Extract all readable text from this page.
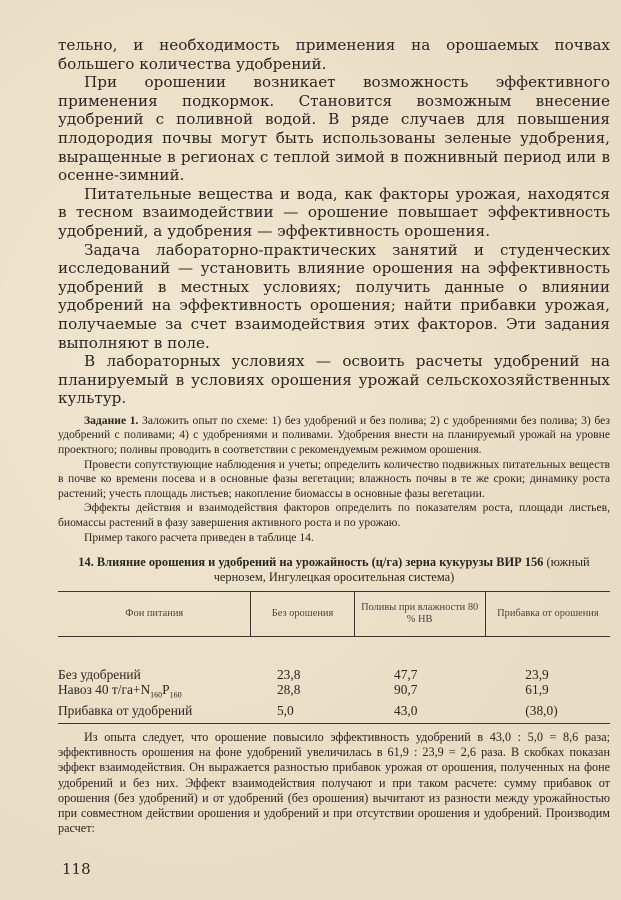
тельно, и необходимость применения на орошаемых почвах большего количества удобрений.

При орошении возникает возможность эффективного применения подкормок. Становится возможным внесение удобрений с поливной водой. В ряде случаев для повышения плодородия почвы могут быть использованы зеленые удобрения, выращенные в регионах с теплой зимой в пожнивный период или в осенне-зимний.

Питательные вещества и вода, как факторы урожая, находятся в тесном взаимодействии — орошение повышает эффективность удобрений, а удобрения — эффективность орошения.

Задача лабораторно-практических занятий и студенческих исследований — установить влияние орошения на эффективность удобрений в местных условиях; получить данные о влиянии удобрений на эффективность орошения; найти прибавки урожая, получаемые за счет взаимодействия этих факторов. Эти задания выполняют в поле.

В лабораторных условиях — освоить расчеты удобрений на планируемый в условиях орошения урожай сельскохозяйственных культур.

Задание 1. Заложить опыт по схеме: 1) без удобрений и без полива; 2) с удобрениями без полива; 3) без удобрений с поливами; 4) с удобрениями и поливами. Удобрения внести на планируемый урожай на уровне проектного; поливы проводить в соответствии с рекомендуемым режимом орошения.

Провести сопутствующие наблюдения и учеты; определить количество подвижных питательных веществ в почве ко времени посева и в основные фазы вегетации; влажность почвы в те же сроки; динамику роста растений; учесть площадь листьев; накопление биомассы в основные фазы вегетации.

Эффекты действия и взаимодействия факторов определить по показателям роста, площади листьев, биомассы растений в фазу завершения активного роста и по урожаю.

Пример такого расчета приведен в таблице 14.

14. Влияние орошения и удобрений на урожайность (ц/га) зерна кукурузы ВИР 156 (южный чернозем, Ингулецкая оросительная система)

Фон питания	Без орошения	Поливы при влажности 80 % НВ	Прибавка от орошения
Без удобрений	23,8	47,7	23,9
Навоз 40 $т/га+N_{160}P_{160}$	28,8	90,7	61,9
Прибавка от удобрений	5,0	43,0	(38,0)

Из опыта следует, что орошение повысило эффективность удобрений в 43,0 : 5,0 = 8,6 раза; эффективность орошения на фоне удобрений увеличилась в 61,9 : 23,9 = 2,6 раза. В скобках показан эффект взаимодействия. Он выражается разностью прибавок урожая от орошения, полученных на фоне удобрений и без них. Эффект взаимодействия получают и при таком расчете: сумму прибавок от орошения (без удобрений) и от удобрений (без орошения) вычитают из разности между урожайностью при совместном действии орошения и удобрений и при отсутствии орошения и удобрений. Производим расчет:

118
